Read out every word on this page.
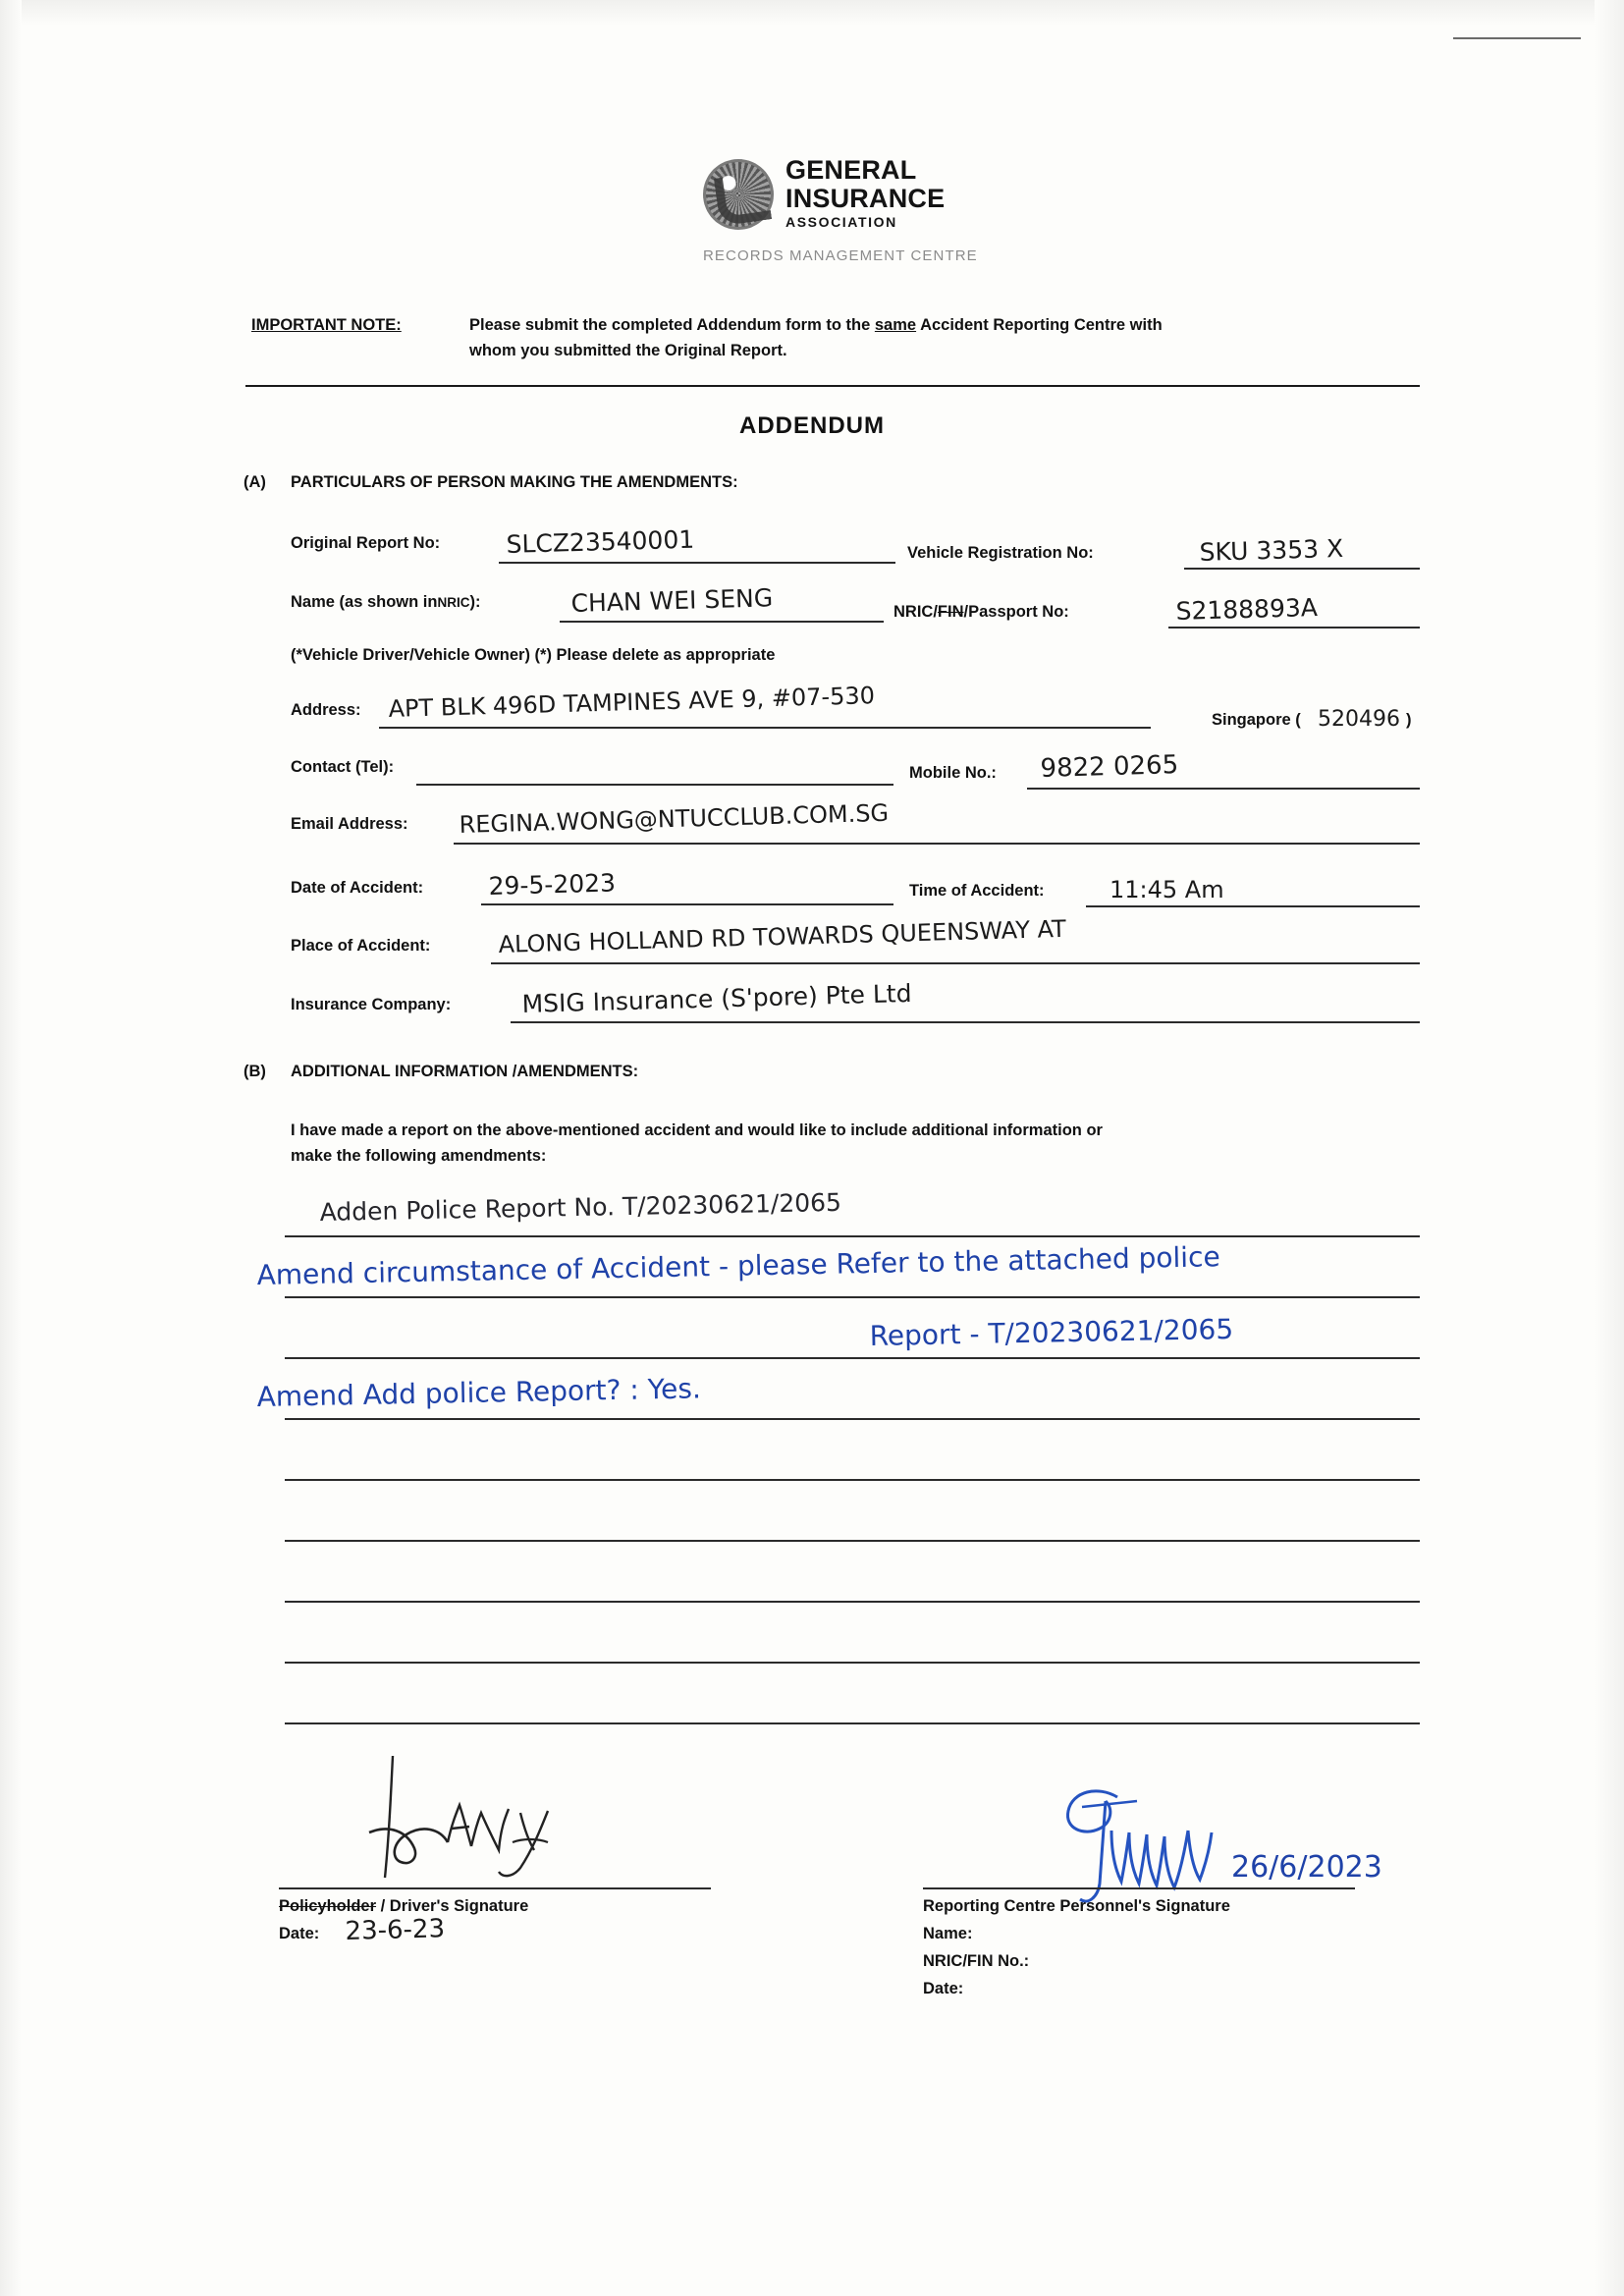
GENERAL
INSURANCE
ASSOCIATION
RECORDS MANAGEMENT CENTRE
IMPORTANT NOTE:	Please submit the completed Addendum form to the same Accident Reporting Centre with
whom you submitted the Original Report.
ADDENDUM
(A) PARTICULARS OF PERSON MAKING THE AMENDMENTS:
Original Report No:	SLCZ23540001	Vehicle Registration No:	SKU 3353 X
Name (as shown inNRIC):	CHAN WEI SENG	NRIC/FIN/Passport No:	S2188893A
(*Vehicle Driver/Vehicle Owner) (*) Please delete as appropriate
Address: APT BLK 496D TAMPINES AVE 9, #07-530	Singapore ( 520496 )
Contact (Tel):	Mobile No.: 9822 0265
Email Address: REGINA.WONG@NTUCCLUB.COM.SG
Date of Accident:	29-5-2023	Time of Accident:	11:45 Am
Place of Accident:	ALONG HOLLAND RD TOWARDS QUEENSWAY AT
Insurance Company:	MSIG Insurance (S'pore) Pte Ltd
(B) ADDITIONAL INFORMATION /AMENDMENTS:
I have made a report on the above-mentioned accident and would like to include additional information or
make the following amendments:
Adden Police Report No. T/20230621/2065
Amend circumstance of Accident - please Refer to the attached police
Report - T/20230621/2065
Amend Add police Report? : Yes.
Policyholder / Driver's Signature
Date: 23-6-23
26/6/2023
Reporting Centre Personnel's Signature
Name:
NRIC/FIN No.:
Date:
